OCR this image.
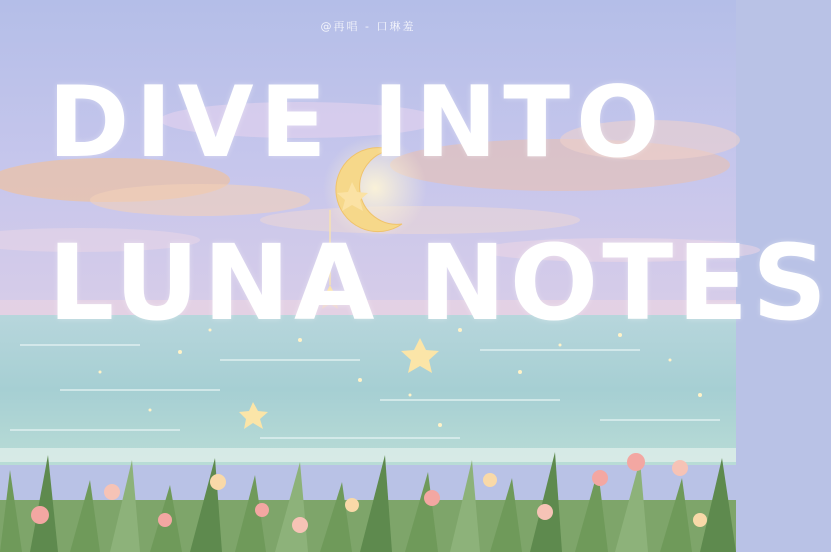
@再唱 - 口琳羞
DIVE INTO
LUNA NOTES
